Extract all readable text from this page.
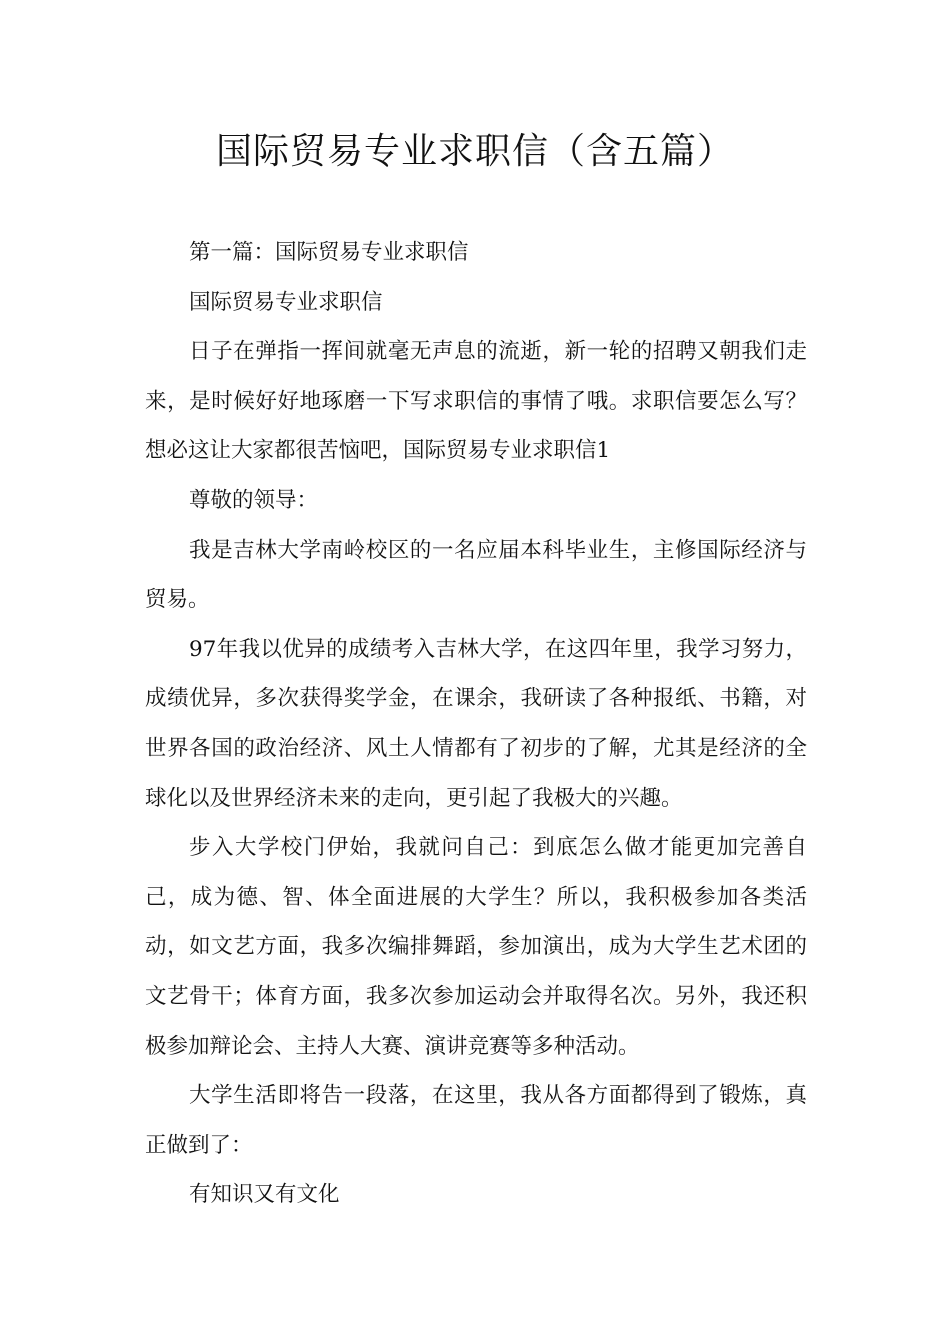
国际贸易专业求职信（含五篇）

第一篇：国际贸易专业求职信

国际贸易专业求职信

日子在弹指一挥间就毫无声息的流逝，新一轮的招聘又朝我们走来，是时候好好地琢磨一下写求职信的事情了哦。求职信要怎么写？想必这让大家都很苦恼吧，国际贸易专业求职信1

尊敬的领导：

我是吉林大学南岭校区的一名应届本科毕业生，主修国际经济与贸易。

97年我以优异的成绩考入吉林大学，在这四年里，我学习努力，成绩优异，多次获得奖学金，在课余，我研读了各种报纸、书籍，对世界各国的政治经济、风土人情都有了初步的了解，尤其是经济的全球化以及世界经济未来的走向，更引起了我极大的兴趣。

步入大学校门伊始，我就问自己：到底怎么做才能更加完善自己，成为德、智、体全面进展的大学生？所以，我积极参加各类活动，如文艺方面，我多次编排舞蹈，参加演出，成为大学生艺术团的文艺骨干；体育方面，我多次参加运动会并取得名次。另外，我还积极参加辩论会、主持人大赛、演讲竞赛等多种活动。

大学生活即将告一段落，在这里，我从各方面都得到了锻炼，真正做到了：

有知识又有文化
